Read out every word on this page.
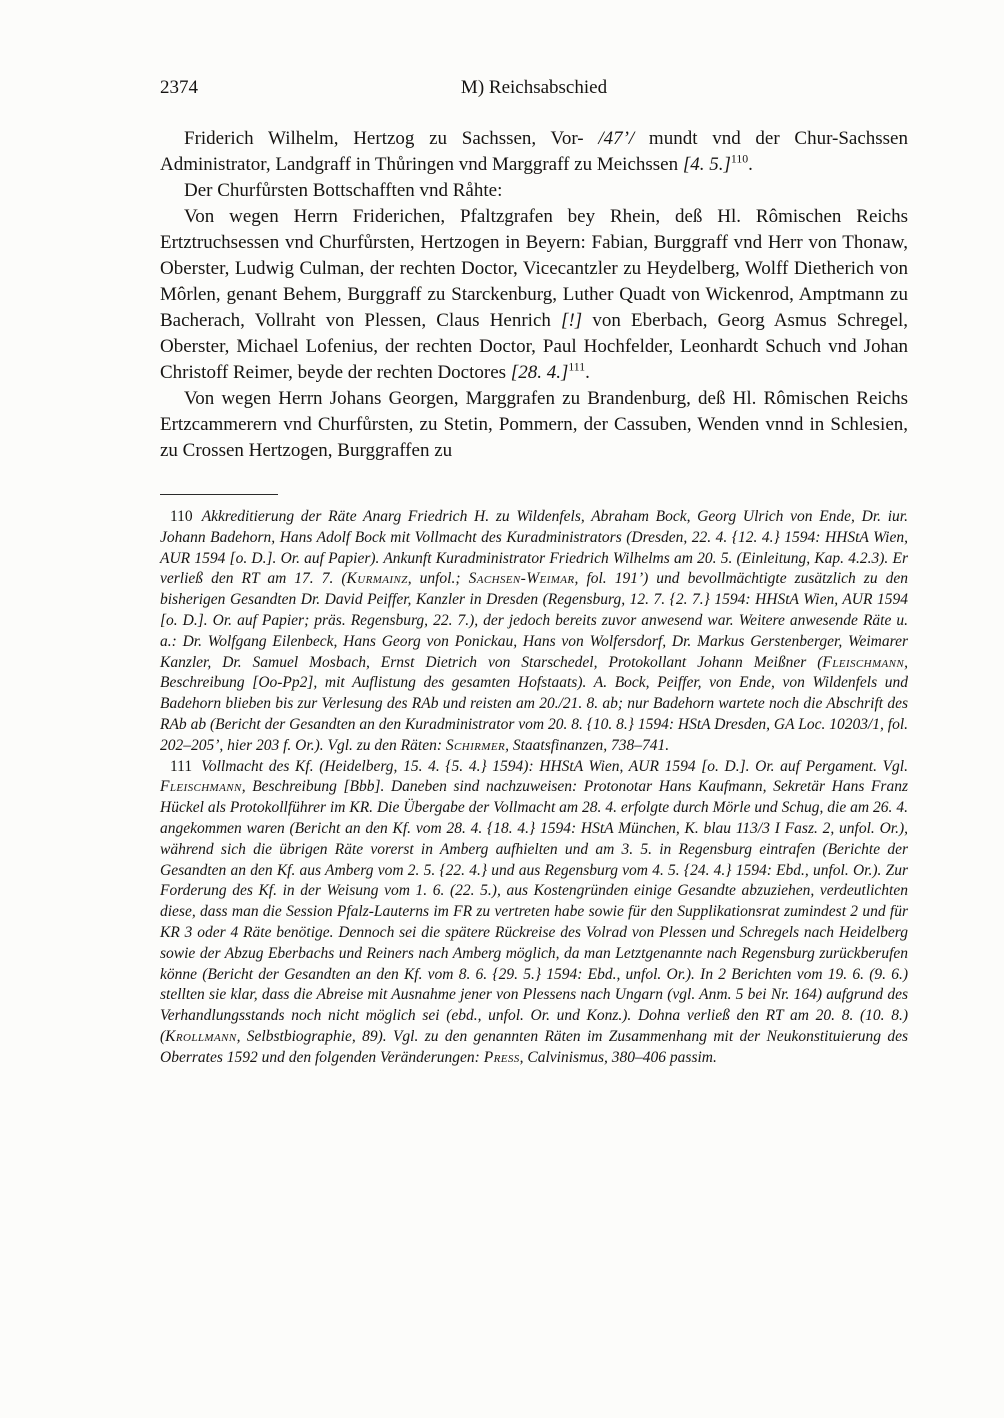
2374	M) Reichsabschied

Friderich Wilhelm, Hertzog zu Sachssen, Vor- /47’/ mundt vnd der Chur-Sachssen Administrator, Landgraff in Thůringen vnd Marggraff zu Meichssen [4. 5.]$^{110}$.

Der Churfůrsten Bottschafften vnd Råhte:

Von wegen Herrn Friderichen, Pfaltzgrafen bey Rhein, deß Hl. Rômischen Reichs Ertztruchsessen vnd Churfůrsten, Hertzogen in Beyern: Fabian, Burggraff vnd Herr von Thonaw, Oberster, Ludwig Culman, der rechten Doctor, Vicecantzler zu Heydelberg, Wolff Dietherich von Môrlen, genant Behem, Burggraff zu Starckenburg, Luther Quadt von Wickenrod, Amptmann zu Bacherach, Vollraht von Plessen, Claus Henrich [!] von Eberbach, Georg Asmus Schregel, Oberster, Michael Lofenius, der rechten Doctor, Paul Hochfelder, Leonhardt Schuch vnd Johan Christoff Reimer, beyde der rechten Doctores [28. 4.]$^{111}$.

Von wegen Herrn Johans Georgen, Marggrafen zu Brandenburg, deß Hl. Rômischen Reichs Ertzcammerern vnd Churfůrsten, zu Stetin, Pommern, der Cassuben, Wenden vnnd in Schlesien, zu Crossen Hertzogen, Burggraffen zu

110 Akkreditierung der Räte Anarg Friedrich H. zu Wildenfels, Abraham Bock, Georg Ulrich von Ende, Dr. iur. Johann Badehorn, Hans Adolf Bock mit Vollmacht des Kuradministrators (Dresden, 22. 4. {12. 4.} 1594: HHStA Wien, AUR 1594 [o. D.]. Or. auf Papier). Ankunft Kuradministrator Friedrich Wilhelms am 20. 5. (Einleitung, Kap. 4.2.3). Er verließ den RT am 17. 7. (Kurmainz, unfol.; Sachsen-Weimar, fol. 191’) und bevollmächtigte zusätzlich zu den bisherigen Gesandten Dr. David Peiffer, Kanzler in Dresden (Regensburg, 12. 7. {2. 7.} 1594: HHStA Wien, AUR 1594 [o. D.]. Or. auf Papier; präs. Regensburg, 22. 7.), der jedoch bereits zuvor anwesend war. Weitere anwesende Räte u. a.: Dr. Wolfgang Eilenbeck, Hans Georg von Ponickau, Hans von Wolfersdorf, Dr. Markus Gerstenberger, Weimarer Kanzler, Dr. Samuel Mosbach, Ernst Dietrich von Starschedel, Protokollant Johann Meißner (Fleischmann, Beschreibung [Oo-Pp2], mit Auflistung des gesamten Hofstaats). A. Bock, Peiffer, von Ende, von Wildenfels und Badehorn blieben bis zur Verlesung des RAb und reisten am 20./21. 8. ab; nur Badehorn wartete noch die Abschrift des RAb ab (Bericht der Gesandten an den Kuradministrator vom 20. 8. {10. 8.} 1594: HStA Dresden, GA Loc. 10203/1, fol. 202–205’, hier 203 f. Or.). Vgl. zu den Räten: Schirmer, Staatsfinanzen, 738–741.

111 Vollmacht des Kf. (Heidelberg, 15. 4. {5. 4.} 1594): HHStA Wien, AUR 1594 [o. D.]. Or. auf Pergament. Vgl. Fleischmann, Beschreibung [Bbb]. Daneben sind nachzuweisen: Protonotar Hans Kaufmann, Sekretär Hans Franz Hückel als Protokollführer im KR. Die Übergabe der Vollmacht am 28. 4. erfolgte durch Mörle und Schug, die am 26. 4. angekommen waren (Bericht an den Kf. vom 28. 4. {18. 4.} 1594: HStA München, K. blau 113/3 I Fasz. 2, unfol. Or.), während sich die übrigen Räte vorerst in Amberg aufhielten und am 3. 5. in Regensburg eintrafen (Berichte der Gesandten an den Kf. aus Amberg vom 2. 5. {22. 4.} und aus Regensburg vom 4. 5. {24. 4.} 1594: Ebd., unfol. Or.). Zur Forderung des Kf. in der Weisung vom 1. 6. (22. 5.), aus Kostengründen einige Gesandte abzuziehen, verdeutlichten diese, dass man die Session Pfalz-Lauterns im FR zu vertreten habe sowie für den Supplikationsrat zumindest 2 und für KR 3 oder 4 Räte benötige. Dennoch sei die spätere Rückreise des Volrad von Plessen und Schregels nach Heidelberg sowie der Abzug Eberbachs und Reiners nach Amberg möglich, da man Letztgenannte nach Regensburg zurückberufen könne (Bericht der Gesandten an den Kf. vom 8. 6. {29. 5.} 1594: Ebd., unfol. Or.). In 2 Berichten vom 19. 6. (9. 6.) stellten sie klar, dass die Abreise mit Ausnahme jener von Plessens nach Ungarn (vgl. Anm. 5 bei Nr. 164) aufgrund des Verhandlungsstands noch nicht möglich sei (ebd., unfol. Or. und Konz.). Dohna verließ den RT am 20. 8. (10. 8.) (Krollmann, Selbstbiographie, 89). Vgl. zu den genannten Räten im Zusammenhang mit der Neukonstituierung des Oberrates 1592 und den folgenden Veränderungen: Press, Calvinismus, 380–406 passim.
